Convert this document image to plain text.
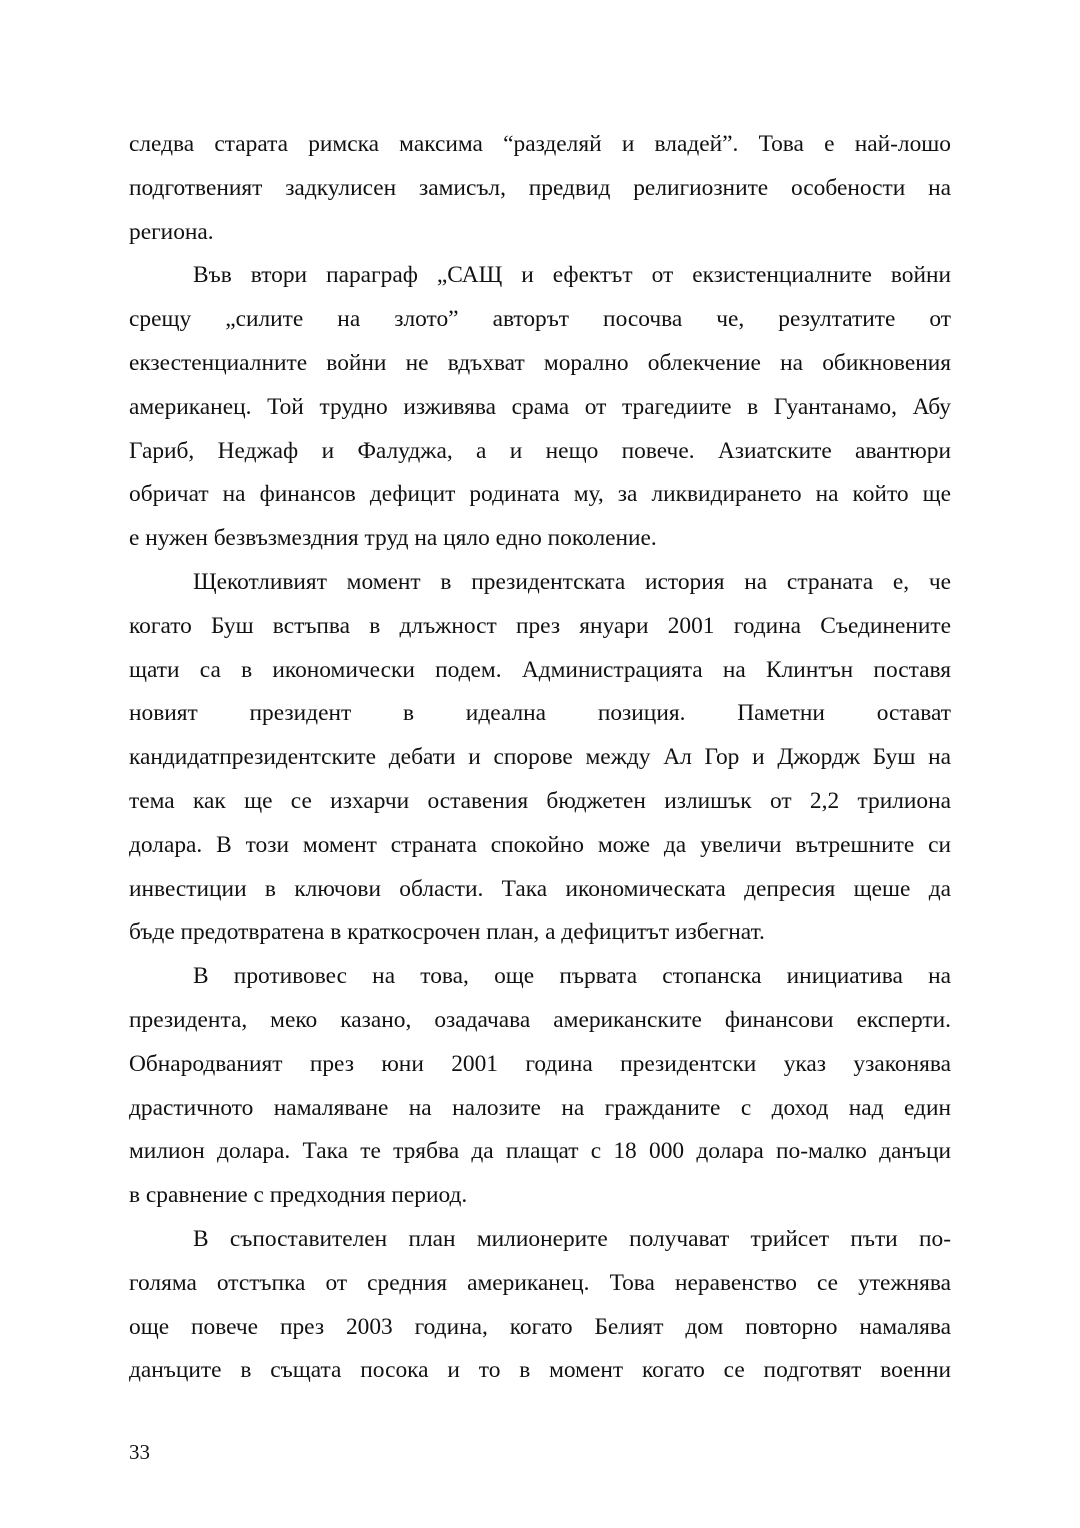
следва старата римска максима “разделяй и владей”. Това е най-лошо
подготвеният задкулисен замисъл, предвид религиозните особености на
региона.
Във втори параграф „САЩ и ефектът от екзистенциалните войни
срещу „силите на злото” авторът посочва че, резултатите от
екзестенциалните войни не вдъхват морално облекчение на обикновения
американец. Той трудно изживява срама от трагедиите в Гуантанамо, Абу
Гариб, Неджаф и Фалуджа, а и нещо повече. Азиатските авантюри
обричат на финансов дефицит родината му, за ликвидирането на който ще
е нужен безвъзмездния труд на цяло едно поколение.
Щекотливият момент в президентската история на страната е, че
когато Буш встъпва в длъжност през януари 2001 година Съединените
щати са в икономически подем. Администрацията на Клинтън поставя
новият президент в идеална позиция. Паметни остават
кандидатпрезидентските дебати и спорове между Ал Гор и Джордж Буш на
тема как ще се изхарчи оставения бюджетен излишък от 2,2 трилиона
долара. В този момент страната спокойно може да увеличи вътрешните си
инвестиции в ключови области. Така икономическата депресия щеше да
бъде предотвратена в краткосрочен план, а дефицитът избегнат.
В противовес на това, още първата стопанска инициатива на
президента, меко казано, озадачава американските финансови експерти.
Обнародваният през юни 2001 година президентски указ узаконява
драстичното намаляване на налозите на гражданите с доход над един
милион долара. Така те трябва да плащат с 18 000 долара по-малко данъци
в сравнение с предходния период.
В съпоставителен план милионерите получават трийсет пъти по-
голяма отстъпка от средния американец. Това неравенство се утежнява
още повече през 2003 година, когато Белият дом повторно намалява
данъците в същата посока и то в момент когато се подготвят военни
33
